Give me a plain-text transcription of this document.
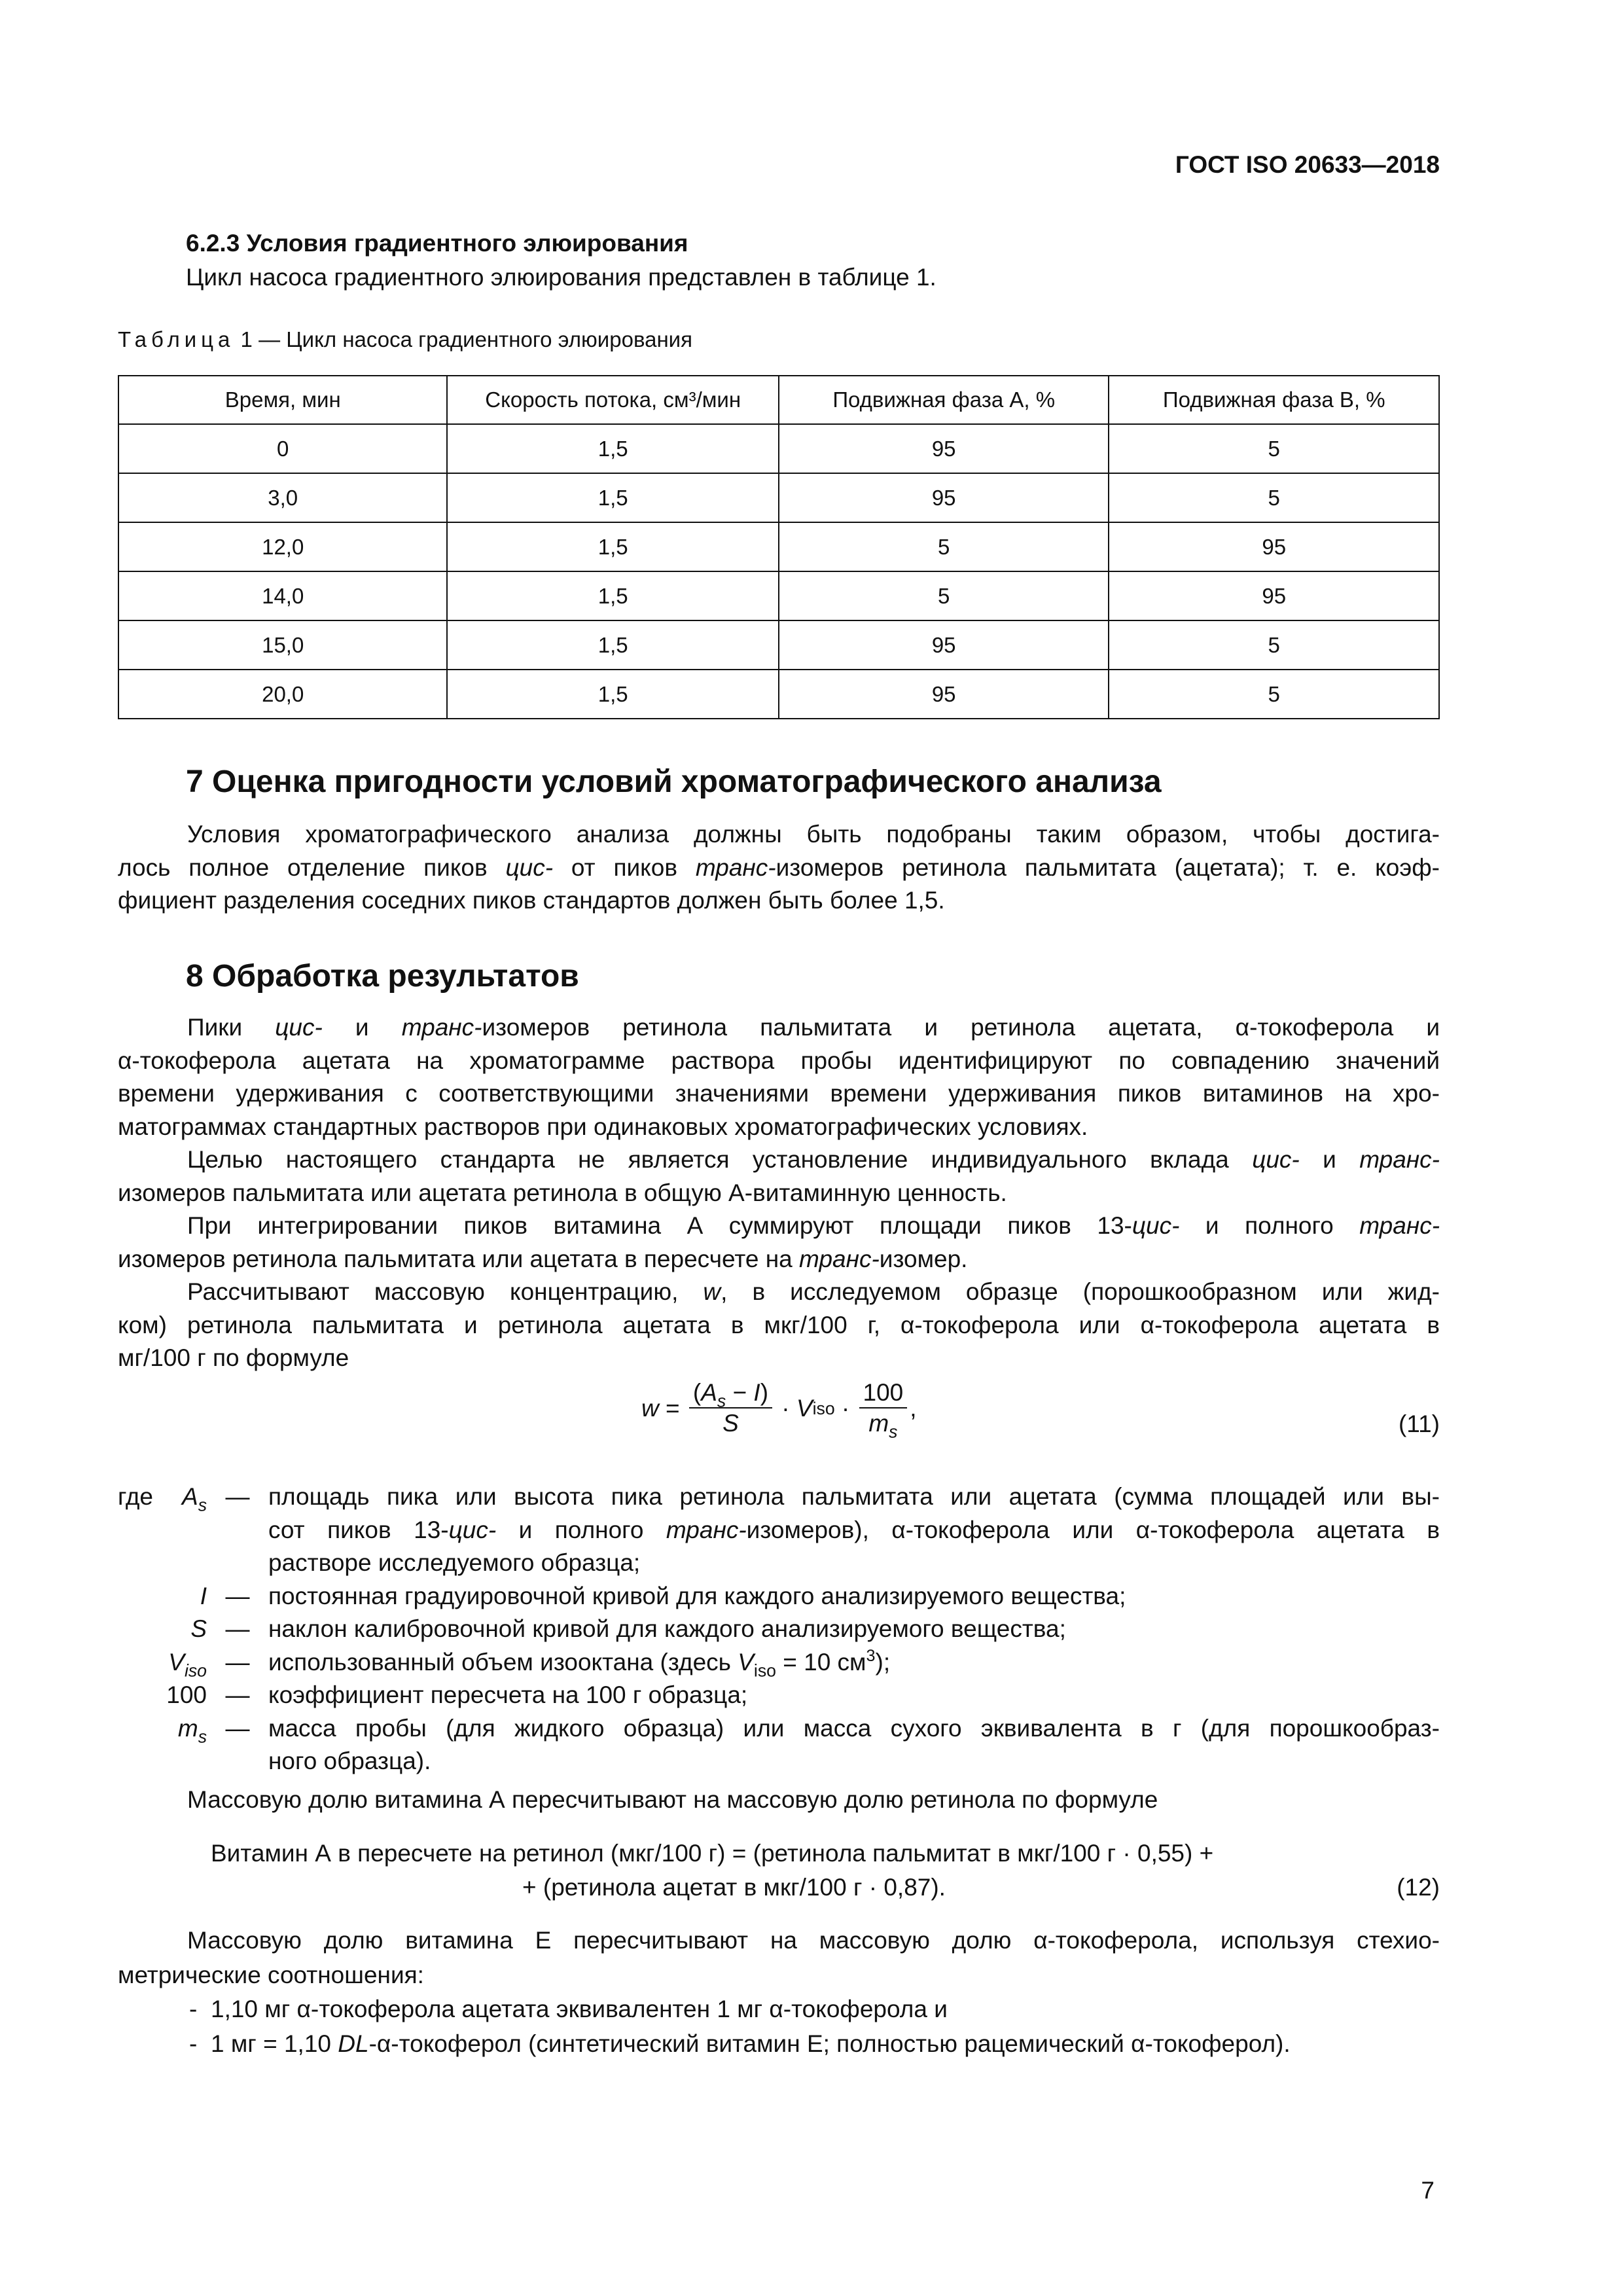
ГОСТ ISO 20633—2018
6.2.3 Условия градиентного элюирования
Цикл насоса градиентного элюирования представлен в таблице 1.
Таблица 1 — Цикл насоса градиентного элюирования
Время, мин	Скорость потока, см³/мин	Подвижная фаза А, %	Подвижная фаза В, %
0	1,5	95	5
3,0	1,5	95	5
12,0	1,5	5	95
14,0	1,5	5	95
15,0	1,5	95	5
20,0	1,5	95	5
7 Оценка пригодности условий хроматографического анализа
Условия хроматографического анализа должны быть подобраны таким образом, чтобы достига-
лось полное отделение пиков цис- от пиков транс-изомеров ретинола пальмитата (ацетата); т. е. коэф-
фициент разделения соседних пиков стандартов должен быть более 1,5.
8 Обработка результатов
Пики цис- и транс-изомеров ретинола пальмитата и ретинола ацетата, α-токоферола и
α-токоферола ацетата на хроматограмме раствора пробы идентифицируют по совпадению значений
времени удерживания с соответствующими значениями времени удерживания пиков витаминов на хро-
матограммах стандартных растворов при одинаковых хроматографических условиях.
Целью настоящего стандарта не является установление индивидуального вклада цис- и транс-
изомеров пальмитата или ацетата ретинола в общую А-витаминную ценность.
При интегрировании пиков витамина А суммируют площади пиков 13-цис- и полного транс-
изомеров ретинола пальмитата или ацетата в пересчете на транс-изомер.
Рассчитывают массовую концентрацию, w, в исследуемом образце (порошкообразном или жид-
ком) ретинола пальмитата и ретинола ацетата в мкг/100 г, α-токоферола или α-токоферола ацетата в
мг/100 г по формуле
$w = \frac{(A_s - I)}{S} \cdot V$ iso · $\frac{100}{m_s}$ ,
(11)
где	$A_s$ — площадь пика или высота пика ретинола пальмитата или ацетата (сумма площадей или вы-
сот пиков 13-цис- и полного транс-изомеров), α-токоферола или α-токоферола ацетата в
растворе исследуемого образца;
I — постоянная градуировочной кривой для каждого анализируемого вещества;
S — наклон калибровочной кривой для каждого анализируемого вещества;
$V_{iso}$ — использованный объем изооктана (здесь $V_{iso} = 10$ $см^3$);
100 — коэффициент пересчета на 100 г образца;
$m_s$ — масса пробы (для жидкого образца) или масса сухого эквивалента в г (для порошкообраз-
ного образца).
Массовую долю витамина А пересчитывают на массовую долю ретинола по формуле
Витамин А в пересчете на ретинол (мкг/100 г) = (ретинола пальмитат в мкг/100 г · 0,55) +
+ (ретинола ацетат в мкг/100 г · 0,87).	(12)
Массовую долю витамина Е пересчитывают на массовую долю α-токоферола, используя стехио-
метрические соотношения:
- 1,10 мг α-токоферола ацетата эквивалентен 1 мг α-токоферола и
- 1 мг = 1,10 DL-α-токоферол (синтетический витамин Е; полностью рацемический α-токоферол).
7
